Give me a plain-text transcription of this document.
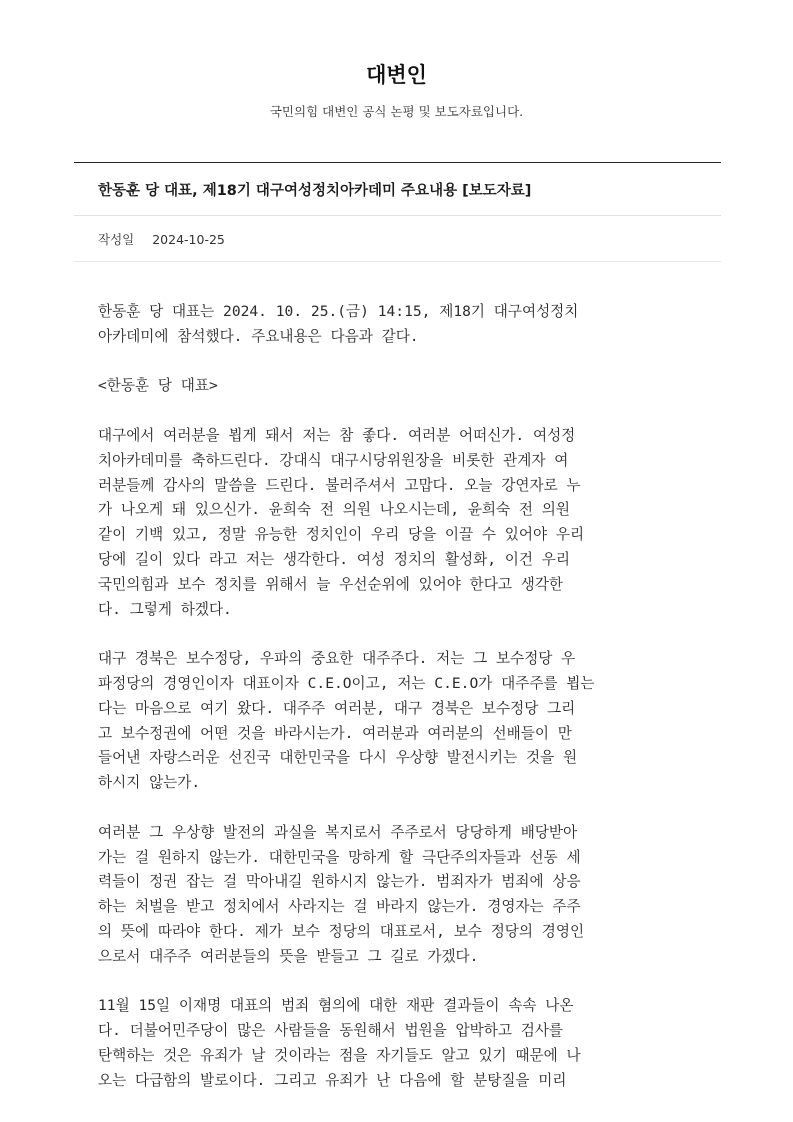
대변인

국민의힘 대변인 공식 논평 및 보도자료입니다.

한동훈 당 대표, 제18기 대구여성정치아카데미 주요내용 [보도자료]
작성일 2024-10-25
한동훈 당 대표는 2024. 10. 25.(금) 14:15, 제18기 대구여성정치
아카데미에 참석했다. 주요내용은 다음과 같다.
<한동훈 당 대표>
대구에서 여러분을 뵙게 돼서 저는 참 좋다. 여러분 어떠신가. 여성정
치아카데미를 축하드린다. 강대식 대구시당위원장을 비롯한 관계자 여
러분들께 감사의 말씀을 드린다. 불러주셔서 고맙다. 오늘 강연자로 누
가 나오게 돼 있으신가. 윤희숙 전 의원 나오시는데, 윤희숙 전 의원
같이 기백 있고, 정말 유능한 정치인이 우리 당을 이끌 수 있어야 우리
당에 길이 있다 라고 저는 생각한다. 여성 정치의 활성화, 이건 우리
국민의힘과 보수 정치를 위해서 늘 우선순위에 있어야 한다고 생각한
다. 그렇게 하겠다.
대구 경북은 보수정당, 우파의 중요한 대주주다. 저는 그 보수정당 우
파정당의 경영인이자 대표이자 C.E.O이고, 저는 C.E.O가 대주주를 뵙는
다는 마음으로 여기 왔다. 대주주 여러분, 대구 경북은 보수정당 그리
고 보수정권에 어떤 것을 바라시는가. 여러분과 여러분의 선배들이 만
들어낸 자랑스러운 선진국 대한민국을 다시 우상향 발전시키는 것을 원
하시지 않는가.
여러분 그 우상향 발전의 과실을 복지로서 주주로서 당당하게 배당받아
가는 걸 원하지 않는가. 대한민국을 망하게 할 극단주의자들과 선동 세
력들이 정권 잡는 걸 막아내길 원하시지 않는가. 범죄자가 범죄에 상응
하는 처벌을 받고 정치에서 사라지는 걸 바라지 않는가. 경영자는 주주
의 뜻에 따라야 한다. 제가 보수 정당의 대표로서, 보수 정당의 경영인
으로서 대주주 여러분들의 뜻을 받들고 그 길로 가겠다.
11월 15일 이재명 대표의 범죄 혐의에 대한 재판 결과들이 속속 나온
다. 더불어민주당이 많은 사람들을 동원해서 법원을 압박하고 검사를
탄핵하는 것은 유죄가 날 것이라는 점을 자기들도 알고 있기 때문에 나
오는 다급함의 발로이다. 그리고 유죄가 난 다음에 할 분탕질을 미리
